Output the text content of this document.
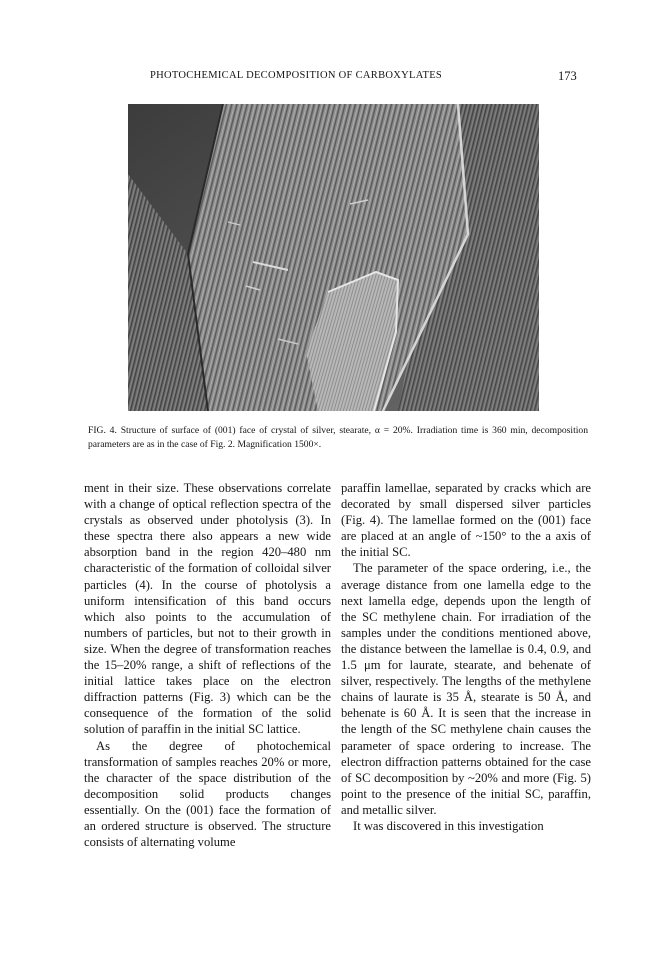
PHOTOCHEMICAL DECOMPOSITION OF CARBOXYLATES	173
FIG. 4. Structure of surface of (001) face of crystal of silver, stearate, α = 20%. Irradiation time is 360 min, decomposition parameters are as in the case of Fig. 2. Magnification 1500×.

ment in their size. These observations correlate with a change of optical reflection spectra of the crystals as observed under photolysis (3). In these spectra there also appears a new wide absorption band in the region 420–480 nm characteristic of the formation of colloidal silver particles (4). In the course of photolysis a uniform intensification of this band occurs which also points to the accumulation of numbers of particles, but not to their growth in size. When the degree of transformation reaches the 15–20% range, a shift of reflections of the initial lattice takes place on the electron diffraction patterns (Fig. 3) which can be the consequence of the formation of the solid solution of paraffin in the initial SC lattice.

As the degree of photochemical transformation of samples reaches 20% or more, the character of the space distribution of the decomposition solid products changes essentially. On the (001) face the formation of an ordered structure is observed. The structure consists of alternating volume

paraffin lamellae, separated by cracks which are decorated by small dispersed silver particles (Fig. 4). The lamellae formed on the (001) face are placed at an angle of ~150° to the a axis of the initial SC.

The parameter of the space ordering, i.e., the average distance from one lamella edge to the next lamella edge, depends upon the length of the SC methylene chain. For irradiation of the samples under the conditions mentioned above, the distance between the lamellae is 0.4, 0.9, and 1.5 μm for laurate, stearate, and behenate of silver, respectively. The lengths of the methylene chains of laurate is 35 Å, stearate is 50 Å, and behenate is 60 Å. It is seen that the increase in the length of the SC methylene chain causes the parameter of space ordering to increase. The electron diffraction patterns obtained for the case of SC decomposition by ~20% and more (Fig. 5) point to the presence of the initial SC, paraffin, and metallic silver.

It was discovered in this investigation
